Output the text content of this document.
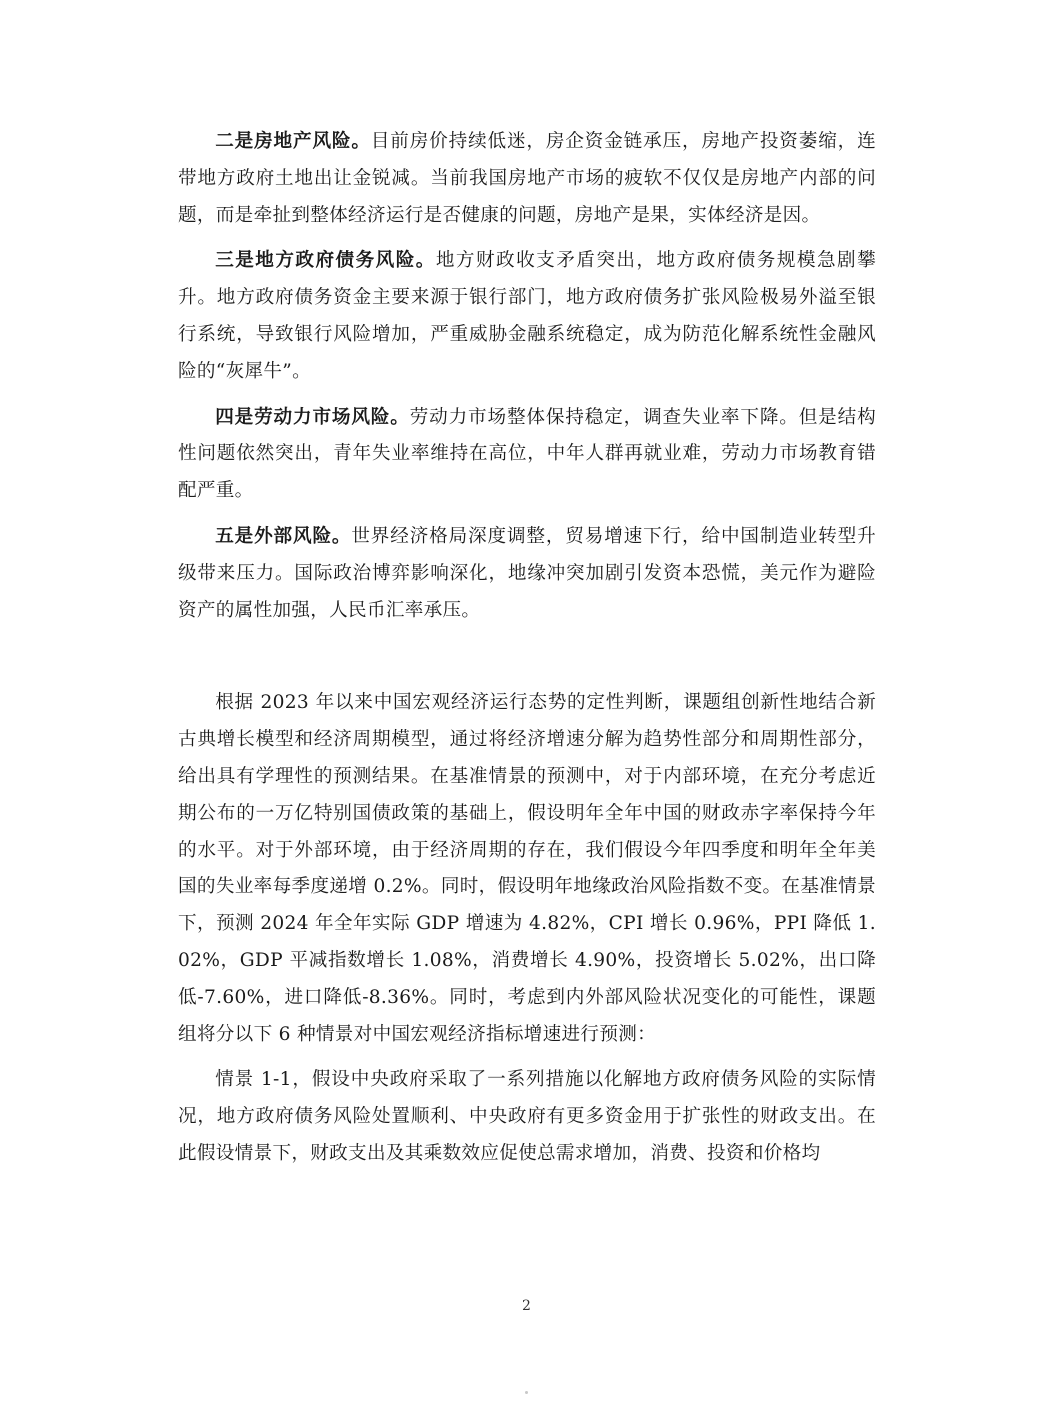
二是房地产风险。目前房价持续低迷，房企资金链承压，房地产投资萎缩，连带地方政府土地出让金锐减。当前我国房地产市场的疲软不仅仅是房地产内部的问题，而是牵扯到整体经济运行是否健康的问题，房地产是果，实体经济是因。

三是地方政府债务风险。地方财政收支矛盾突出，地方政府债务规模急剧攀升。地方政府债务资金主要来源于银行部门，地方政府债务扩张风险极易外溢至银行系统，导致银行风险增加，严重威胁金融系统稳定，成为防范化解系统性金融风险的“灰犀牛”。

四是劳动力市场风险。劳动力市场整体保持稳定，调查失业率下降。但是结构性问题依然突出，青年失业率维持在高位，中年人群再就业难，劳动力市场教育错配严重。

五是外部风险。世界经济格局深度调整，贸易增速下行，给中国制造业转型升级带来压力。国际政治博弈影响深化，地缘冲突加剧引发资本恐慌，美元作为避险资产的属性加强，人民币汇率承压。

根据 2023 年以来中国宏观经济运行态势的定性判断，课题组创新性地结合新古典增长模型和经济周期模型，通过将经济增速分解为趋势性部分和周期性部分，给出具有学理性的预测结果。在基准情景的预测中，对于内部环境，在充分考虑近期公布的一万亿特别国债政策的基础上，假设明年全年中国的财政赤字率保持今年的水平。对于外部环境，由于经济周期的存在，我们假设今年四季度和明年全年美国的失业率每季度递增 0.2%。同时，假设明年地缘政治风险指数不变。在基准情景下，预测 2024 年全年实际 GDP 增速为 4.82%，CPI 增长 0.96%，PPI 降低 1.02%，GDP 平减指数增长 1.08%，消费增长 4.90%，投资增长 5.02%，出口降低-7.60%，进口降低-8.36%。同时，考虑到内外部风险状况变化的可能性，课题组将分以下 6 种情景对中国宏观经济指标增速进行预测：

情景 1-1，假设中央政府采取了一系列措施以化解地方政府债务风险的实际情况，地方政府债务风险处置顺利、中央政府有更多资金用于扩张性的财政支出。在此假设情景下，财政支出及其乘数效应促使总需求增加，消费、投资和价格均

2
